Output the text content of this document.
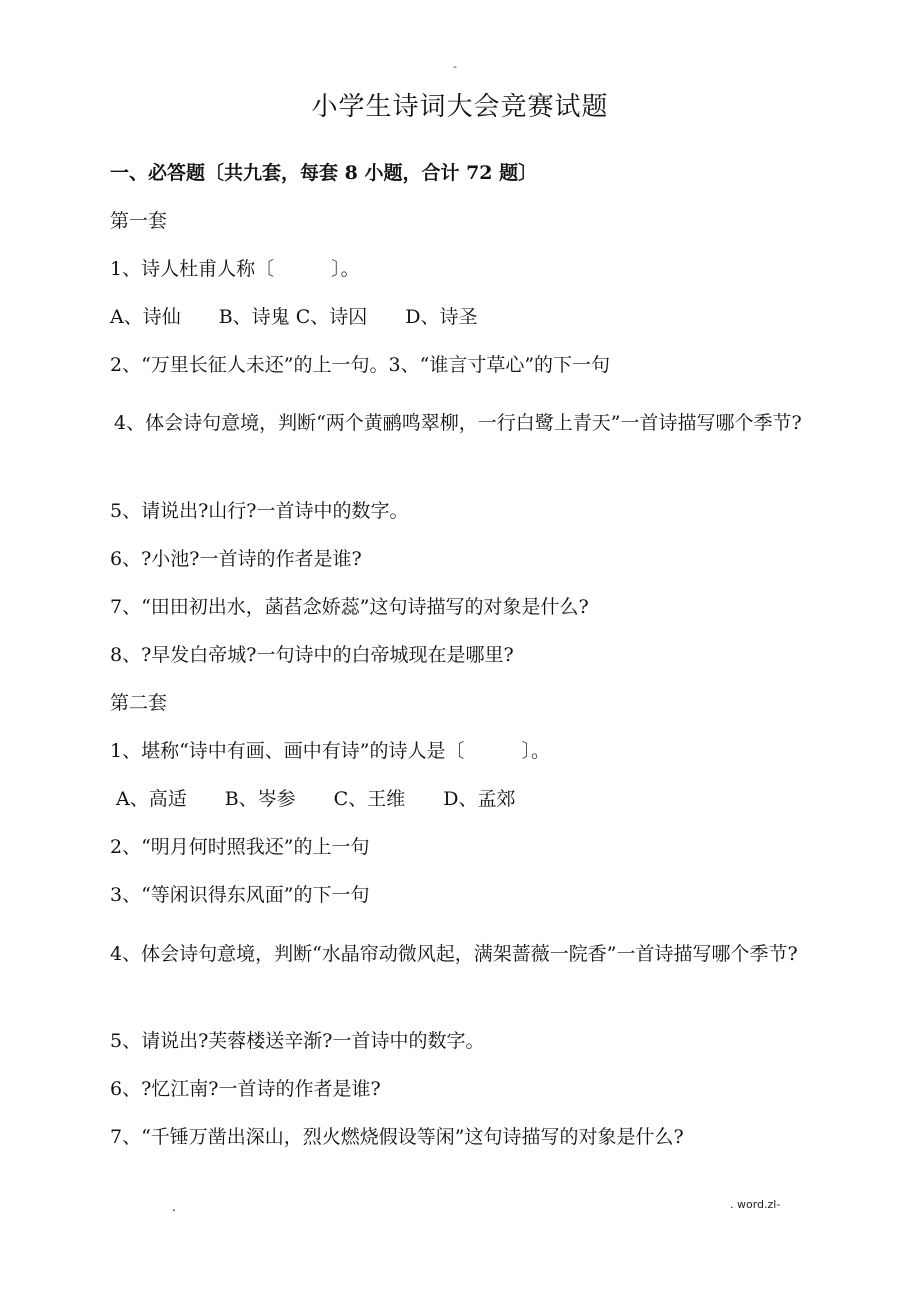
-
小学生诗词大会竞赛试题
一、必答题〔共九套，每套 8 小题，合计 72 题〕
第一套
1、诗人杜甫人称〔　　　〕。
A、诗仙　　B、诗鬼 C、诗囚　　D、诗圣
2、“万里长征人未还”的上一句。3、“谁言寸草心”的下一句
4、体会诗句意境，判断“两个黄鹂鸣翠柳，一行白鹭上青天”一首诗描写哪个季节?
5、请说出?山行?一首诗中的数字。
6、?小池?一首诗的作者是谁?
7、“田田初出水，菡萏念娇蕊”这句诗描写的对象是什么?
8、?早发白帝城?一句诗中的白帝城现在是哪里?
第二套
1、堪称“诗中有画、画中有诗”的诗人是〔　　　〕。
A、高适　　B、岑参　　C、王维　　D、孟郊
2、“明月何时照我还”的上一句
3、“等闲识得东风面”的下一句
4、体会诗句意境，判断“水晶帘动微风起，满架蔷薇一院香”一首诗描写哪个季节?
5、请说出?芙蓉楼送辛渐?一首诗中的数字。
6、?忆江南?一首诗的作者是谁?
7、“千锤万凿出深山，烈火燃烧假设等闲”这句诗描写的对象是什么?
.	. word.zl-
